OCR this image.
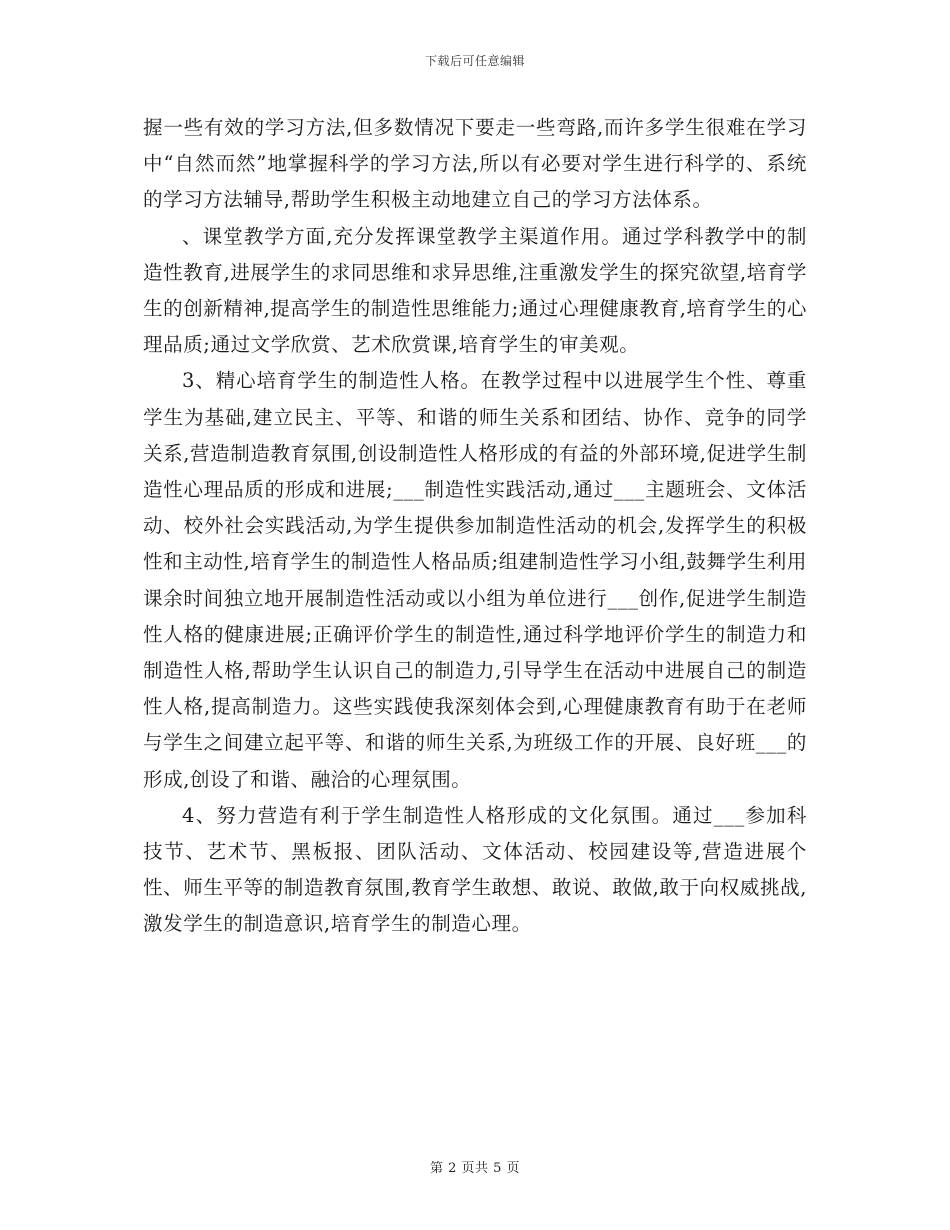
下载后可任意编辑

握一些有效的学习方法,但多数情况下要走一些弯路,而许多学生很难在学习中“自然而然”地掌握科学的学习方法,所以有必要对学生进行科学的、系统的学习方法辅导,帮助学生积极主动地建立自己的学习方法体系。

、课堂教学方面,充分发挥课堂教学主渠道作用。通过学科教学中的制造性教育,进展学生的求同思维和求异思维,注重激发学生的探究欲望,培育学生的创新精神,提高学生的制造性思维能力;通过心理健康教育,培育学生的心理品质;通过文学欣赏、艺术欣赏课,培育学生的审美观。

3、精心培育学生的制造性人格。在教学过程中以进展学生个性、尊重学生为基础,建立民主、平等、和谐的师生关系和团结、协作、竞争的同学关系,营造制造教育氛围,创设制造性人格形成的有益的外部环境,促进学生制造性心理品质的形成和进展;___制造性实践活动,通过___主题班会、文体活动、校外社会实践活动,为学生提供参加制造性活动的机会,发挥学生的积极性和主动性,培育学生的制造性人格品质;组建制造性学习小组,鼓舞学生利用课余时间独立地开展制造性活动或以小组为单位进行___创作,促进学生制造性人格的健康进展;正确评价学生的制造性,通过科学地评价学生的制造力和制造性人格,帮助学生认识自己的制造力,引导学生在活动中进展自己的制造性人格,提高制造力。这些实践使我深刻体会到,心理健康教育有助于在老师与学生之间建立起平等、和谐的师生关系,为班级工作的开展、良好班___的形成,创设了和谐、融洽的心理氛围。

4、努力营造有利于学生制造性人格形成的文化氛围。通过___参加科技节、艺术节、黑板报、团队活动、文体活动、校园建设等,营造进展个性、师生平等的制造教育氛围,教育学生敢想、敢说、敢做,敢于向权威挑战,激发学生的制造意识,培育学生的制造心理。

第 2 页共 5 页
